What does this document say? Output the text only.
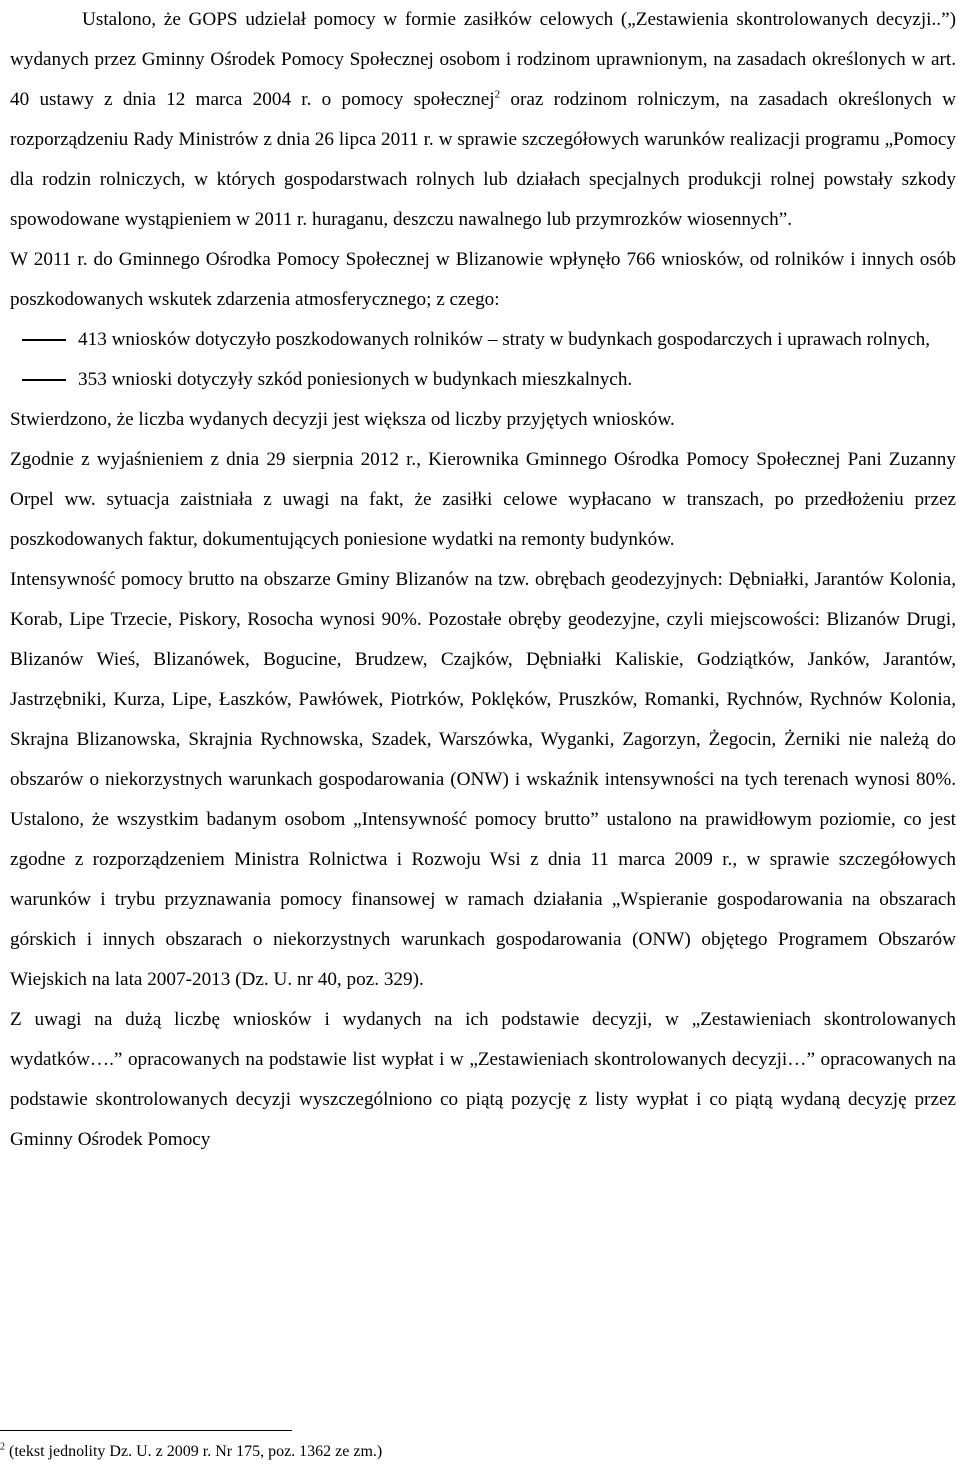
Ustalono, że GOPS udzielał pomocy w formie zasiłków celowych („Zestawienia skontrolowanych decyzji..”) wydanych przez Gminny Ośrodek Pomocy Społecznej osobom i rodzinom uprawnionym, na zasadach określonych w art. 40 ustawy z dnia 12 marca 2004 r. o pomocy społecznej$^2$ oraz rodzinom rolniczym, na zasadach określonych w rozporządzeniu Rady Ministrów z dnia 26 lipca 2011 r. w sprawie szczegółowych warunków realizacji programu „Pomocy dla rodzin rolniczych, w których gospodarstwach rolnych lub działach specjalnych produkcji rolnej powstały szkody spowodowane wystąpieniem w 2011 r. huraganu, deszczu nawalnego lub przymrozków wiosennych”.

W 2011 r. do Gminnego Ośrodka Pomocy Społecznej w Blizanowie wpłynęło 766 wniosków, od rolników i innych osób poszkodowanych wskutek zdarzenia atmosferycznego; z czego:

413 wniosków dotyczyło poszkodowanych rolników – straty w budynkach gospodarczych i uprawach rolnych,
353 wnioski dotyczyły szkód poniesionych w budynkach mieszkalnych.

Stwierdzono, że liczba wydanych decyzji jest większa od liczby przyjętych wniosków.

Zgodnie z wyjaśnieniem z dnia 29 sierpnia 2012 r., Kierownika Gminnego Ośrodka Pomocy Społecznej Pani Zuzanny Orpel ww. sytuacja zaistniała z uwagi na fakt, że zasiłki celowe wypłacano w transzach, po przedłożeniu przez poszkodowanych faktur, dokumentujących poniesione wydatki na remonty budynków.

Intensywność pomocy brutto na obszarze Gminy Blizanów na tzw. obrębach geodezyjnych: Dębniałki, Jarantów Kolonia, Korab, Lipe Trzecie, Piskory, Rosocha wynosi 90%. Pozostałe obręby geodezyjne, czyli miejscowości: Blizanów Drugi, Blizanów Wieś, Blizanówek, Bogucine, Brudzew, Czajków, Dębniałki Kaliskie, Godziątków, Janków, Jarantów, Jastrzębniki, Kurza, Lipe, Łaszków, Pawłówek, Piotrków, Poklęków, Pruszków, Romanki, Rychnów, Rychnów Kolonia, Skrajna Blizanowska, Skrajnia Rychnowska, Szadek, Warszówka, Wyganki, Zagorzyn, Żegocin, Żerniki nie należą do obszarów o niekorzystnych warunkach gospodarowania (ONW) i wskaźnik intensywności na tych terenach wynosi 80%. Ustalono, że wszystkim badanym osobom „Intensywność pomocy brutto” ustalono na prawidłowym poziomie, co jest zgodne z rozporządzeniem Ministra Rolnictwa i Rozwoju Wsi z dnia 11 marca 2009 r., w sprawie szczegółowych warunków i trybu przyznawania pomocy finansowej w ramach działania „Wspieranie gospodarowania na obszarach górskich i innych obszarach o niekorzystnych warunkach gospodarowania (ONW) objętego Programem Obszarów Wiejskich na lata 2007-2013 (Dz. U. nr 40, poz. 329).

Z uwagi na dużą liczbę wniosków i wydanych na ich podstawie decyzji, w „Zestawieniach skontrolowanych wydatków….” opracowanych na podstawie list wypłat i w „Zestawieniach skontrolowanych decyzji…” opracowanych na podstawie skontrolowanych decyzji wyszczególniono co piątą pozycję z listy wypłat i co piątą wydaną decyzję przez Gminny Ośrodek Pomocy

$^2$ (tekst jednolity Dz. U. z 2009 r. Nr 175, poz. 1362 ze zm.)
